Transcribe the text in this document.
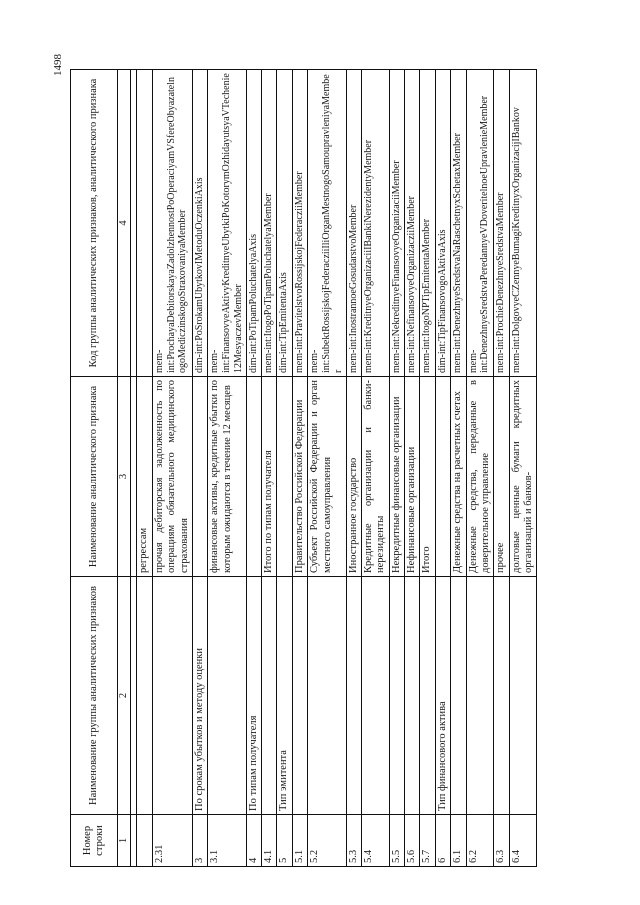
1498
Номер строки	Наименование группы аналитических признаков	Наименование аналитического признака	Код группы аналитических признаков, аналитического признака
1	2	3	4

		регрессам	
2.31		прочая дебиторская задолженность по операциям обязательного медицинского страхования	mem-int:ProchayaDebitorskayaZadolzhennostPoOperaciyamVSfereObyazatelnogoMediczinskogoStraxovaniyaMember
3	По срокам убытков и методу оценки		dim-int:PoSrokamUbytkovIMetoduOczenkiAxis
3.1		финансовые активы, кредитные убытки по которым ожидаются в течение 12 месяцев	mem-int:FinansovyeAktivyKreditnyeUbytkiPoKotorymOzhidayutsyaVTechenie12MesyaczevMember
4	По типам получателя		dim-int:PoTipamPoluchatelyaAxis
4.1		Итого по типам получателя	mem-int:ItogoPoTipamPoluchatelyaMember
5	Тип эмитента		dim-int:TipEmitentaAxis
5.1		Правительство Российской Федерации	mem-int:PravitelstvoRossijskojFederacziiMember
5.2		Субъект Российской Федерации и орган местного самоуправления	mem-int:SubektRossijskojFederacziiIliOrganMestnogoSamoupravleniyaMember
5.3		Иностранное государство	mem-int:InostrannoeGosudarstvoMember
5.4		Кредитные организации и банки-нерезиденты	mem-int:KreditnyeOrganizaciiIBankiNerezidentyMember
5.5		Некредитные финансовые организации	mem-int:NekreditnyeFinansovyeOrganizaciiMember
5.6		Нефинансовые организации	mem-int:NefinansovyeOrganizacziiMember
5.7		Итого	mem-int:ItogoNPTipEmitentaMember
6	Тип финансового актива		dim-int:TipFinansovogoAktivaAxis
6.1		Денежные средства на расчетных счетах	mem-int:DenezhnyeSredstvaNaRaschetnyxSchetaxMember
6.2		Денежные средства, переданные в доверительное управление	mem-int:DenezhnyeSredstvaPeredannyeVDoveritelnoeUpravlenieMember
6.3		прочее	mem-int:ProchieDenezhnyeSredstvaMember
6.4		долговые ценные бумаги кредитных организаций и банков-	mem-int:DolgovyeCZennyeBumagiKreditnyxOrganizacijIBankov
